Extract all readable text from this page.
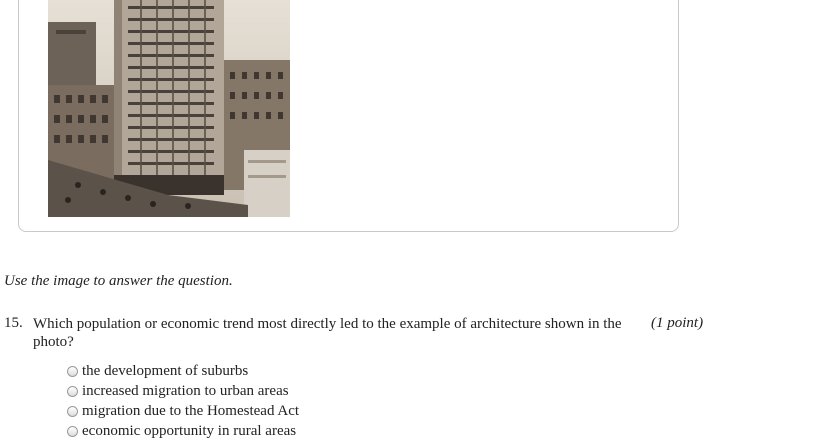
Use the image to answer the question.
15. Which population or economic trend most directly led to the example of architecture shown in the photo?
(1 point)
the development of suburbs
increased migration to urban areas
migration due to the Homestead Act
economic opportunity in rural areas
